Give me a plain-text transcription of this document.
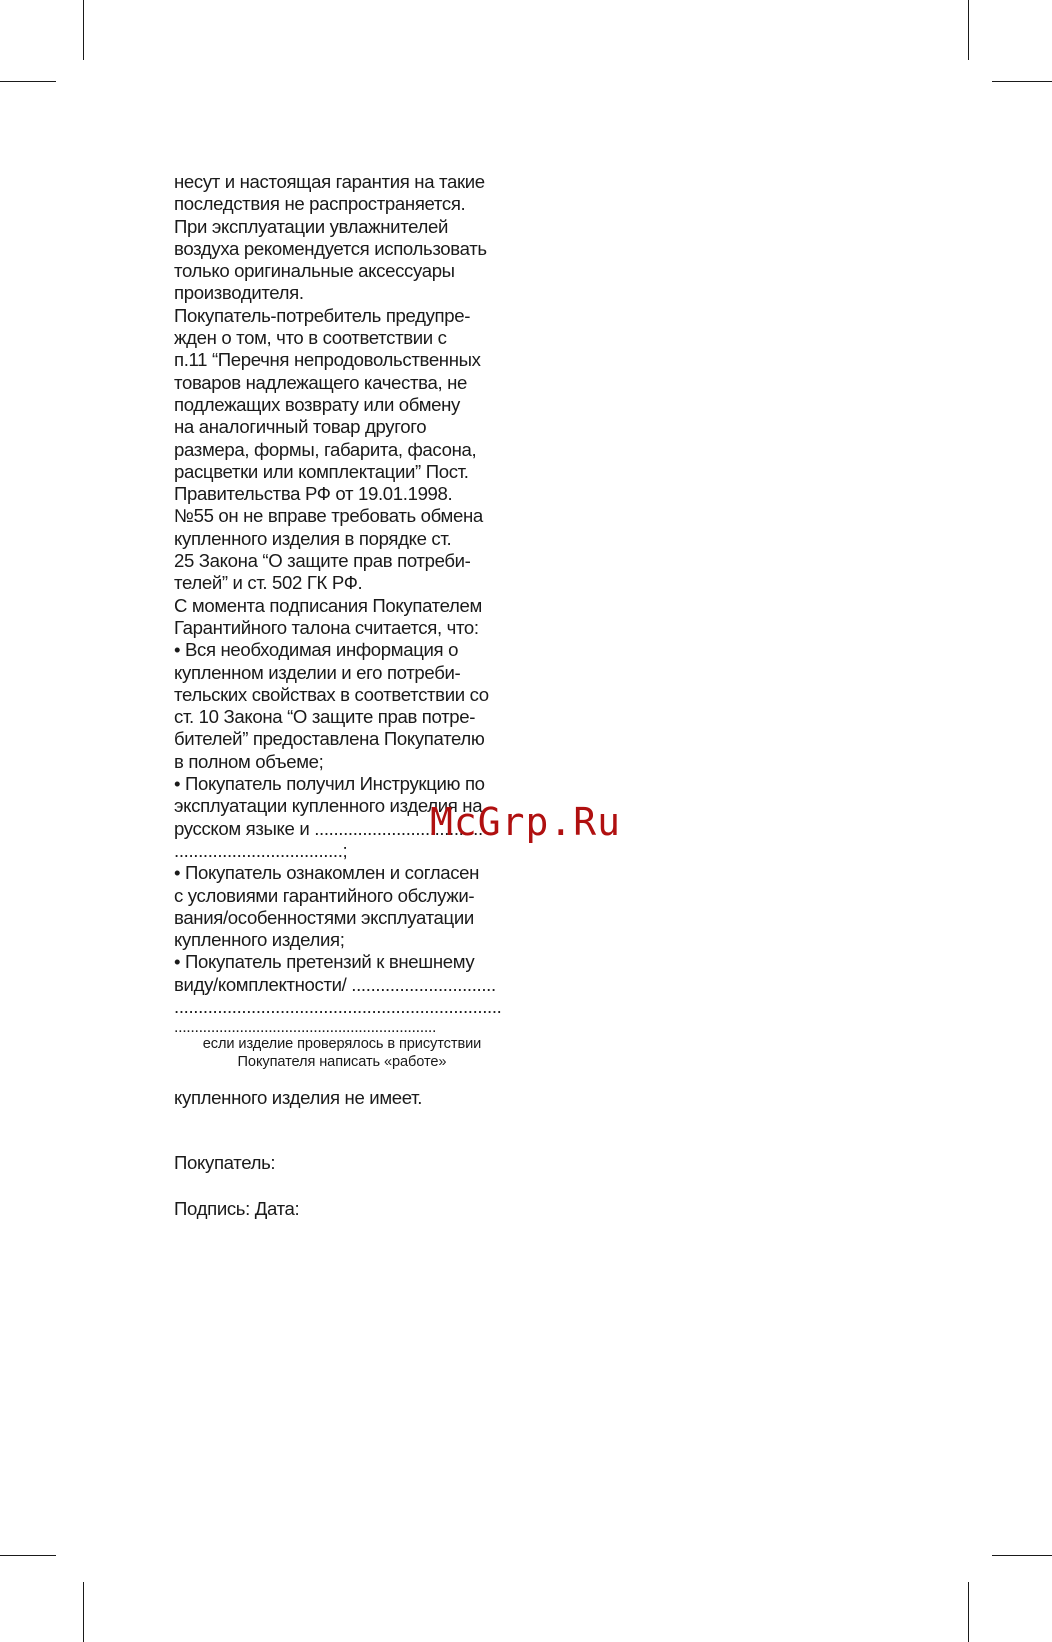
несут и настоящая гарантия на такие
последствия не распространяется.
При эксплуатации увлажнителей
воздуха рекомендуется использовать
только оригинальные аксессуары
производителя.
Покупатель-потребитель предупре-
жден о том, что в соответствии с
п.11 “Перечня непродовольственных
товаров надлежащего качества, не
подлежащих возврату или обмену
на аналогичный товар другого
размера, формы, габарита, фасона,
расцветки или комплектации” Пост.
Правительства РФ от 19.01.1998.
№55 он не вправе требовать обмена
купленного изделия в порядке ст.
25 Закона “О защите прав потреби-
телей” и ст. 502 ГК РФ.
С момента подписания Покупателем
Гарантийного талона считается, что:
• Вся необходимая информация о
купленном изделии и его потреби-
тельских свойствах в соответствии со
ст. 10 Закона “О защите прав потре-
бителей” предоставлена Покупателю
в полном объеме;
• Покупатель получил Инструкцию по
эксплуатации купленного изделия на
русском языке и ...................................
...................................;
• Покупатель ознакомлен и согласен
с условиями гарантийного обслужи-
вания/особенностями эксплуатации
купленного изделия;
• Покупатель претензий к внешнему
виду/комплектности/ ..............................
....................................................................
................................................................
если изделие проверялось в присутствии
Покупателя написать «работе»
купленного изделия не имеет.
Покупатель:
Подпись: Дата:
McGrp.Ru
